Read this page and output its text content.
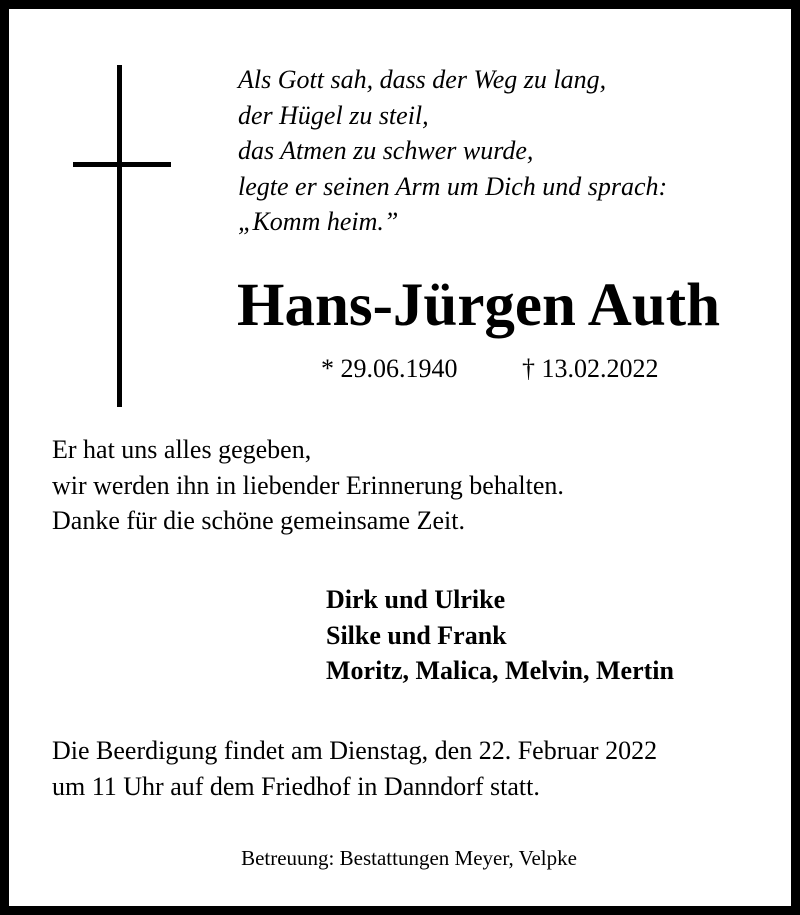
Als Gott sah, dass der Weg zu lang,
der Hügel zu steil,
das Atmen zu schwer wurde,
legte er seinen Arm um Dich und sprach:
„Komm heim.”
Hans-Jürgen Auth
* 29.06.1940 † 13.02.2022
Er hat uns alles gegeben,
wir werden ihn in liebender Erinnerung behalten.
Danke für die schöne gemeinsame Zeit.
Dirk und Ulrike
Silke und Frank
Moritz, Malica, Melvin, Mertin
Die Beerdigung findet am Dienstag, den 22. Februar 2022
um 11 Uhr auf dem Friedhof in Danndorf statt.
Betreuung: Bestattungen Meyer, Velpke
